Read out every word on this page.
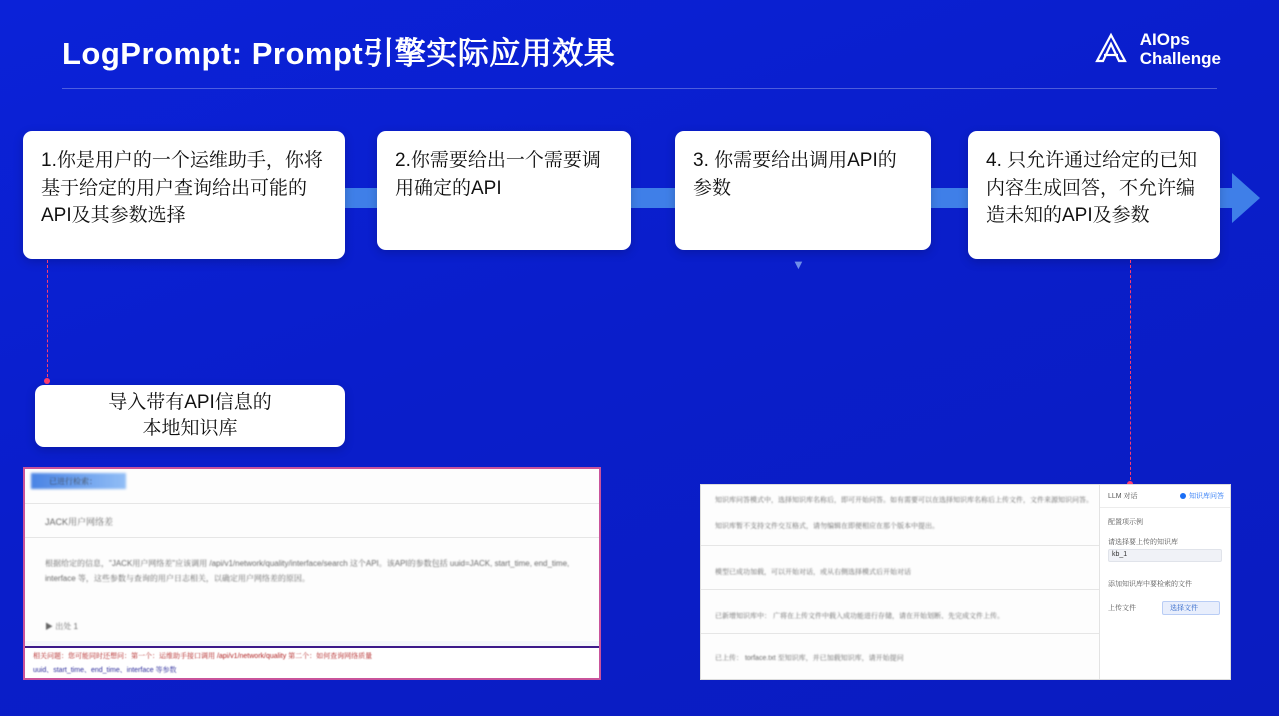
LogPrompt: Prompt引擎实际应用效果	AIOps
Challenge
1.你是用户的一个运维助手，你将基于给定的用户查询给出可能的API及其参数选择
2.你需要给出一个需要调用确定的API
3. 你需要给出调用API的参数
4. 只允许通过给定的已知内容生成回答，不允许编造未知的API及参数
▼
导入带有API信息的
本地知识库
已进行检索：
JACK用户网络差
根据给定的信息，"JACK用户网络差"应该调用 /api/v1/network/quality/interface/search 这个API。该API的参数包括 uuid=JACK, start_time, end_time, interface 等，这些参数与查询的用户日志相关，以确定用户网络差的原因。
▶ 出处 1
相关问题：您可能同时还想问：第一个：运维助手接口调用 /api/v1/network/quality 第二个：如何查询网络质量
uuid、start_time、end_time、interface 等参数
知识库问答模式中，选择知识库名称后，即可开始问答。如有需要可以在选择知识库名称后上传文件，文件来源知识问答。
知识库暂不支持文件交互格式，请勿编辑在即便相应在那个版本中提出。
模型已成功加载，可以开始对话，或从右侧选择模式后开始对话
已新增知识库中： 广将在上传文件中载入成功能进行存储，请在开始划断、先完成文件上传。
已上传： torface.txt 至知识库，并已加载知识库，请开始提问
LLM 对话	知识库问答
配置项示例
请选择要上传的知识库
kb_1
添加知识库中要检索的文件
上传文件	选择文件
